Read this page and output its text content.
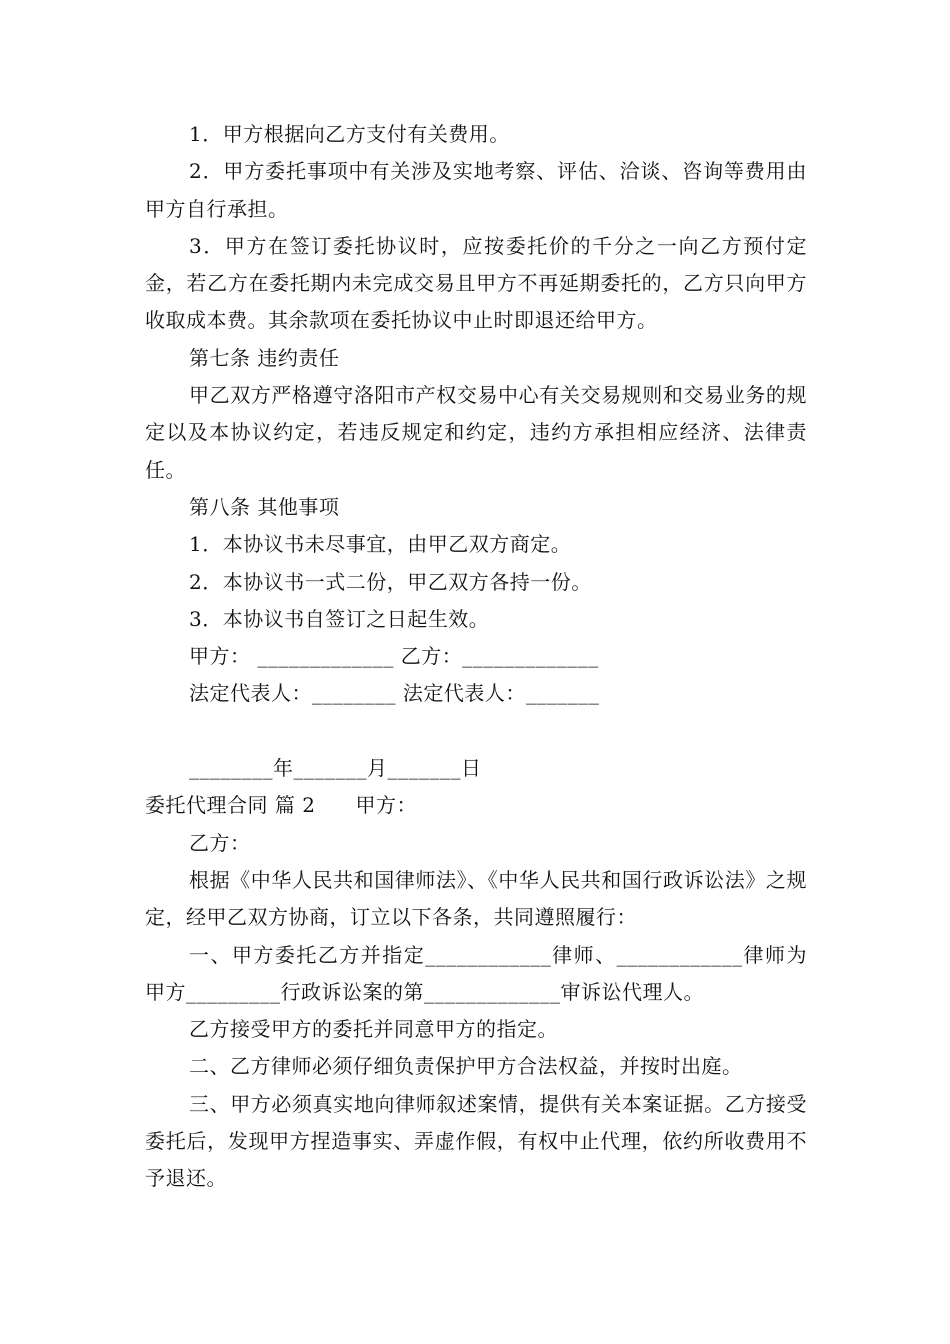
1．甲方根据向乙方支付有关费用。

2．甲方委托事项中有关涉及实地考察、评估、洽谈、咨询等费用由甲方自行承担。

3．甲方在签订委托协议时，应按委托价的千分之一向乙方预付定金，若乙方在委托期内未完成交易且甲方不再延期委托的，乙方只向甲方收取成本费。其余款项在委托协议中止时即退还给甲方。

第七条 违约责任

甲乙双方严格遵守洛阳市产权交易中心有关交易规则和交易业务的规定以及本协议约定，若违反规定和约定，违约方承担相应经济、法律责任。

第八条 其他事项

1．本协议书未尽事宜，由甲乙双方商定。

2．本协议书一式二份，甲乙双方各持一份。

3．本协议书自签订之日起生效。

甲方： _____________ 乙方：_____________

法定代表人：________ 法定代表人：_______

________年_______月_______日

委托代理合同 篇 2 甲方：

乙方：

根据《中华人民共和国律师法》、《中华人民共和国行政诉讼法》之规定，经甲乙双方协商，订立以下各条，共同遵照履行：

一、甲方委托乙方并指定____________律师、____________律师为甲方_________行政诉讼案的第_____________审诉讼代理人。

乙方接受甲方的委托并同意甲方的指定。

二、乙方律师必须仔细负责保护甲方合法权益，并按时出庭。

三、甲方必须真实地向律师叙述案情，提供有关本案证据。乙方接受委托后，发现甲方捏造事实、弄虚作假，有权中止代理，依约所收费用不予退还。
